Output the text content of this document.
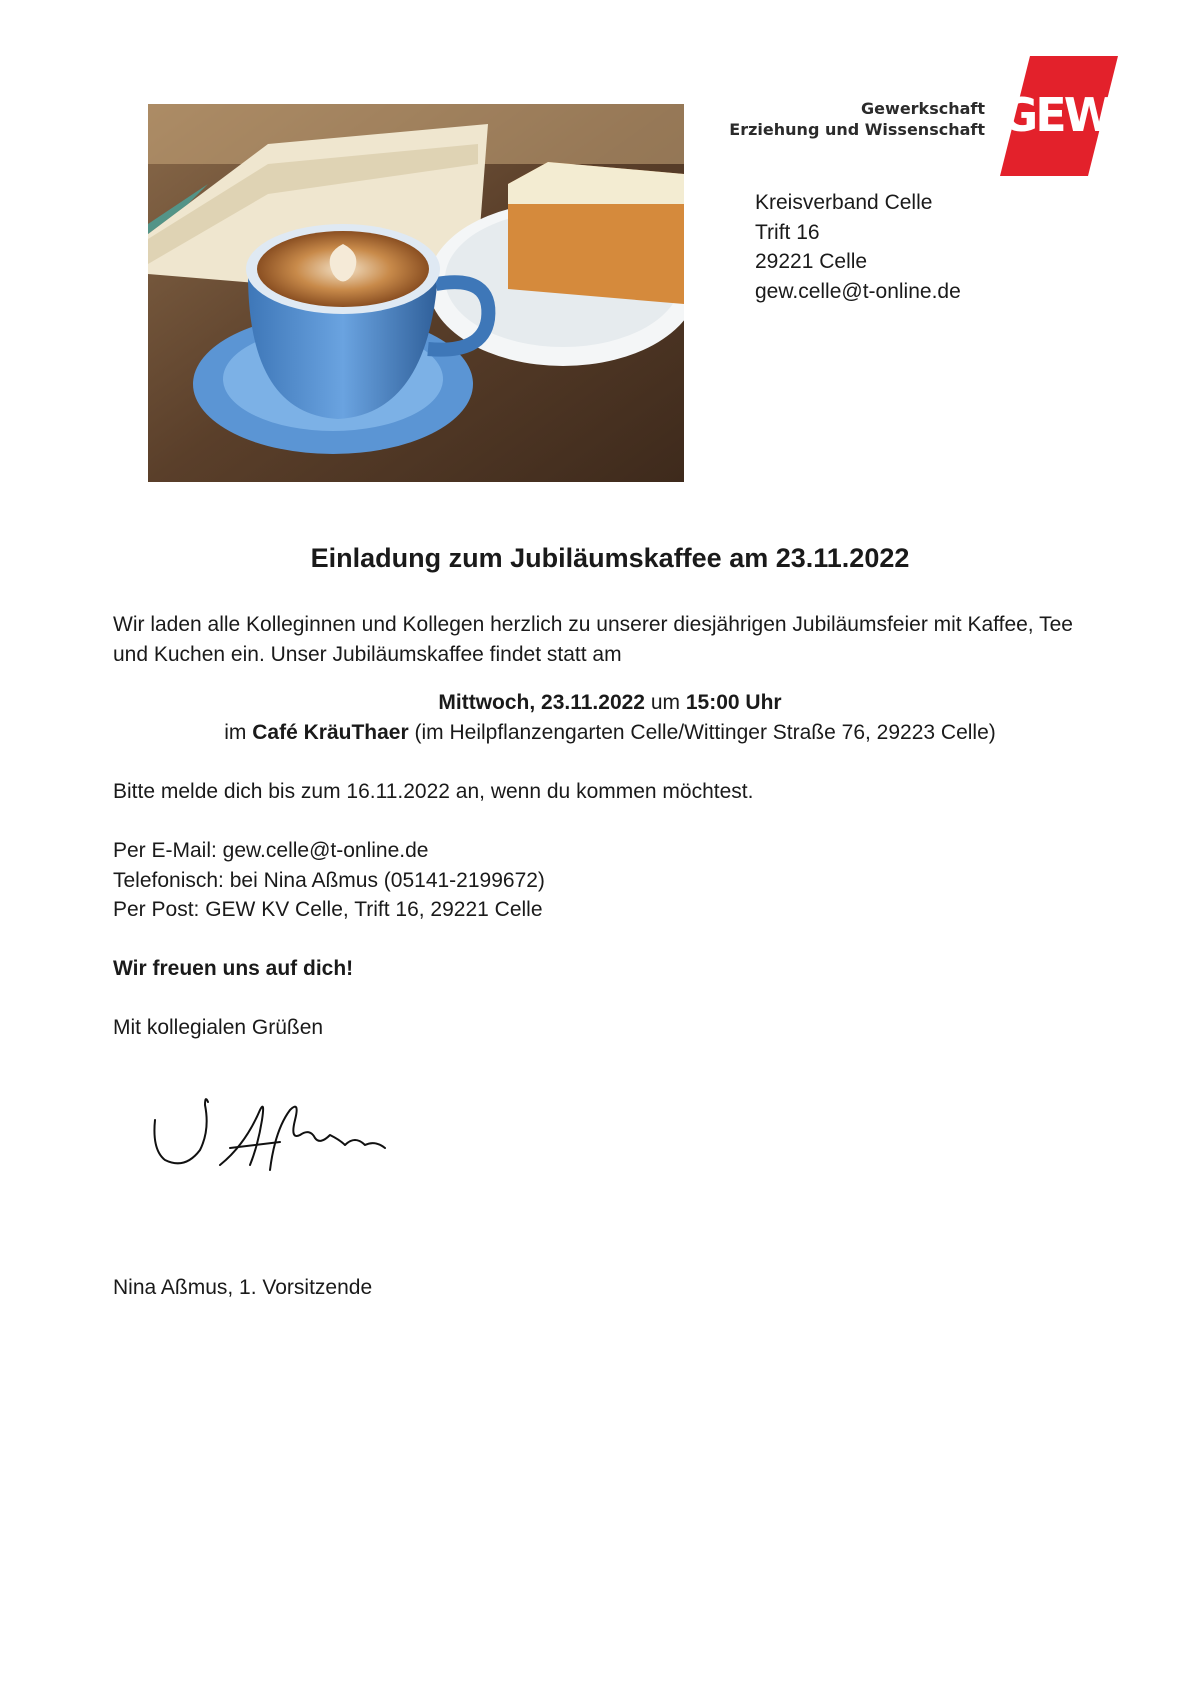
Gewerkschaft
Erziehung und Wissenschaft GEW
Kreisverband Celle
Trift 16
29221 Celle
gew.celle@t-online.de
Einladung zum Jubiläumskaffee am 23.11.2022
Wir laden alle Kolleginnen und Kollegen herzlich zu unserer diesjährigen Jubiläumsfeier mit Kaffee, Tee
und Kuchen ein. Unser Jubiläumskaffee findet statt am
Mittwoch, 23.11.2022 um 15:00 Uhr
im Café KräuThaer (im Heilpflanzengarten Celle/Wittinger Straße 76, 29223 Celle)
Bitte melde dich bis zum 16.11.2022 an, wenn du kommen möchtest.
Per E-Mail: gew.celle@t-online.de
Telefonisch: bei Nina Aßmus (05141-2199672)
Per Post: GEW KV Celle, Trift 16, 29221 Celle
Wir freuen uns auf dich!
Mit kollegialen Grüßen
Nina Aßmus, 1. Vorsitzende
